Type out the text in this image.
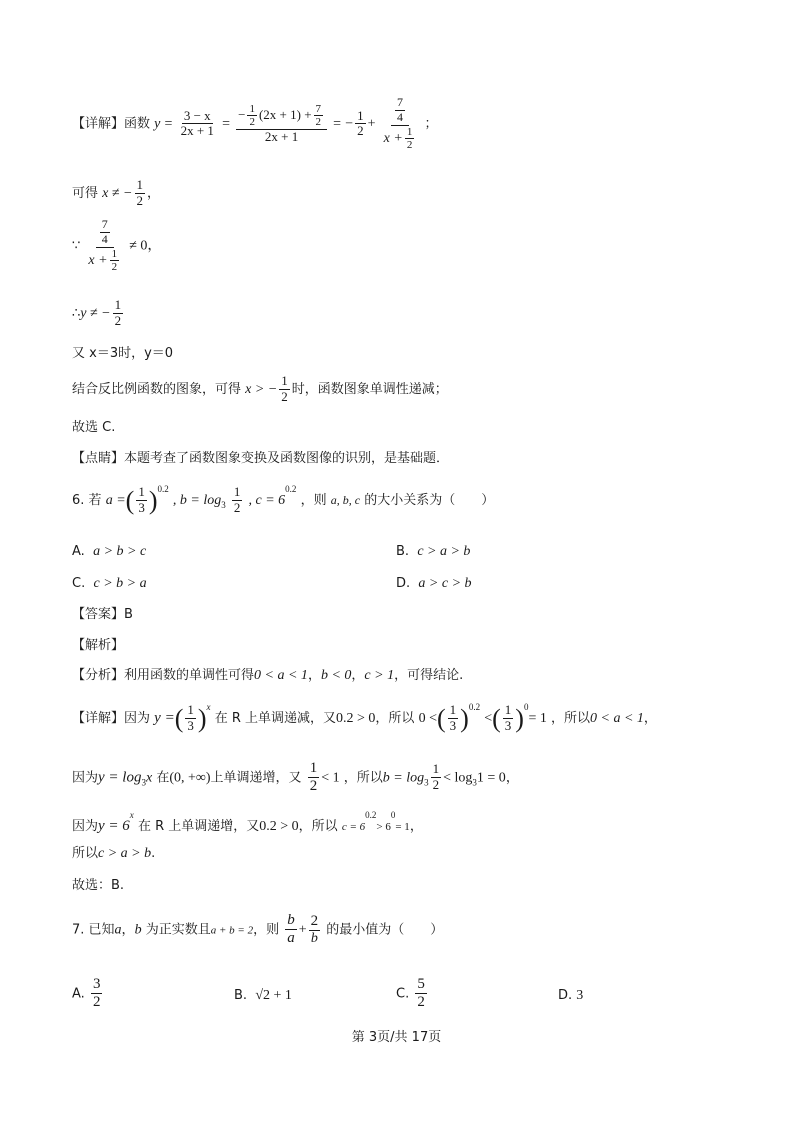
【详解】函数 $y = \frac{3 - x}{2x + 1} = \frac{- \frac{1}{2} (2x + 1) + \frac{7}{2}}{2x + 1}$ = − $\frac{1}{2} + \frac{\frac{7}{4}}{x + \frac{1}{2}}$ ；
可得 x ≠ − $\frac{1}{2}$ ，
∵ $\frac{\frac{7}{4}}{x + \frac{1}{2}} \ne 0$，
∴y ≠ − $\frac{1}{2}$
又 x＝3时，y＝0
结合反比例函数的图象，可得 x > − $\frac{1}{2}$ 时，函数图象单调性递减；
故选 C.
【点睛】本题考查了函数图象变换及函数图像的识别，是基础题．
6. 若 a =( $\frac{1}{3} )^{0.2}$ , $b = \log_3 \frac{1}{2}$ , $c = 6^{0.2}$ ，则 a, b, c 的大小关系为（　　）
A. a > b > c	B. c > a > b
C. c > b > a	D. a > c > b
【答案】B
【解析】
【分析】利用函数的单调性可得0 < a < 1，b < 0，c > 1，可得结论.
【详解】因为 y =( $\frac{1}{3} )^x$ 在 R 上单调递减，又0.2 > 0，所以 0 <( $\frac{1}{3} )^{0.2}$ <( $\frac{1}{3} )^0= 1$ ，所以0 < a < 1，
因为$y = \log_3x$ 在(0, +∞)上单调递增，又 $\frac{1}{2} < 1$ ，所以$b = \log_3 \frac{1}{2} < \log_31 = 0$，
因为$y = 6^x$ 在 R 上单调递增，又0.2 > 0，所以 $c = 6^{0.2}> 6^0= 1$，
所以c > a > b.
故选：B.
7. 已知a，b 为正实数且a + b = 2，则 $\frac{b}{a} + \frac{2}{b}$ 的最小值为（　　）
A. $\frac{3}{2}$	B. √2 + 1	C. $\frac{5}{2}$	D. 3
第 3页/共 17页
